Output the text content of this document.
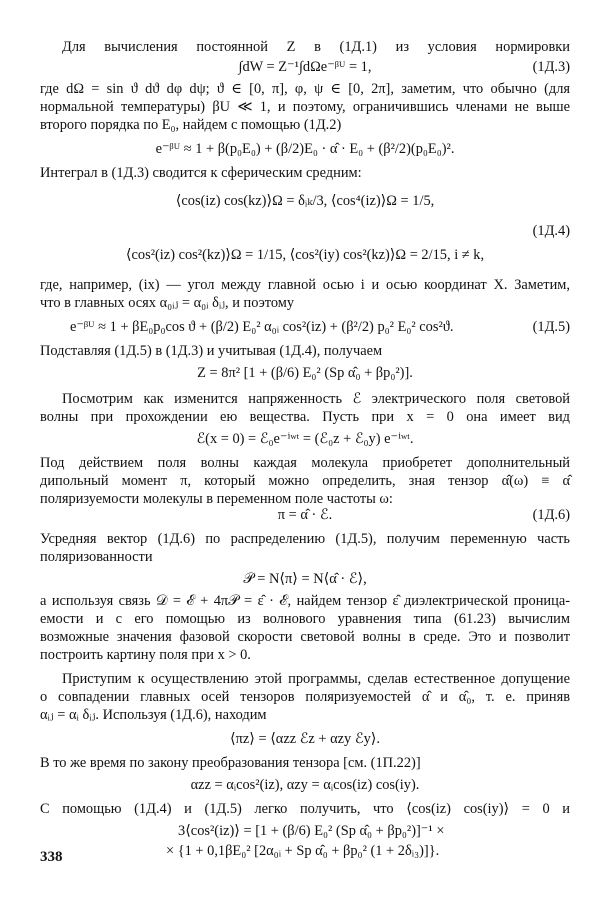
Для вычисления постоянной Z в (1Д.1) из условия нормировки
∫dW = Z⁻¹∫dΩe⁻ᵝᵁ = 1,	(1Д.3)
где dΩ = sin ϑ dϑ dφ dψ; ϑ ∈ [0, π], φ, ψ ∈ [0, 2π], заметим, что обычно (для
нормальной температуры) βU ≪ 1, и поэтому, ограничившись членами не выше
второго порядка по E₀, найдем с помощью (1Д.2)
e⁻ᵝᵁ ≈ 1 + β(p₀E₀) + (β/2)E₀ · α̂ · E₀ + (β²/2)(p₀E₀)².
Интеграл в (1Д.3) сводится к сферическим средним:
⟨cos(iz) cos(kz)⟩Ω = δᵢₖ/3, ⟨cos⁴(iz)⟩Ω = 1/5,
(1Д.4)
⟨cos²(iz) cos²(kz)⟩Ω = 1/15, ⟨cos²(iy) cos²(kz)⟩Ω = 2/15, i ≠ k,
где, например, (ix) — угол между главной осью i и осью координат X. Заметим,
что в главных осях α₀ᵢⱼ = α₀ᵢ δᵢⱼ, и поэтому
e⁻ᵝᵁ ≈ 1 + βE₀p₀cos ϑ + (β/2) E₀² α₀ᵢ cos²(iz) + (β²/2) p₀² E₀² cos²ϑ.	(1Д.5)
Подставляя (1Д.5) в (1Д.3) и учитывая (1Д.4), получаем
Z = 8π² [1 + (β/6) E₀² (Sp α̂₀ + βp₀²)].
Посмотрим как изменится напряженность ℰ электрического поля световой
волны при прохождении ею вещества. Пусть при x = 0 она имеет вид
ℰ(x = 0) = ℰ₀e⁻ⁱʷᵗ = (ℰ₀z + ℰ₀y) e⁻ⁱʷᵗ.
Под действием поля волны каждая молекула приобретет дополнительный
дипольный момент π, который можно определить, зная тензор α̂(ω) ≡ α̂
поляризуемости молекулы в переменном поле частоты ω:
π = α̂ · ℰ.	(1Д.6)
Усредняя вектор (1Д.6) по распределению (1Д.5), получим переменную часть
поляризованности
𝒫 = N⟨π⟩ = N⟨α̂ · ℰ⟩,
а используя связь 𝒟 = ℰ + 4π𝒫 = ε̂ · ℰ, найдем тензор ε̂ диэлектрической проница-
емости и с его помощью из волнового уравнения типа (61.23) вычислим
возможные значения фазовой скорости световой волны в среде. Это и позволит
построить картину поля при x > 0.
Приступим к осуществлению этой программы, сделав естественное допущение
о совпадении главных осей тензоров поляризуемостей α̂ и α̂₀, т. е. приняв
αᵢⱼ = αᵢ δᵢⱼ. Используя (1Д.6), находим
⟨πz⟩ = ⟨αzz ℰz + αzy ℰy⟩.
В то же время по закону преобразования тензора [см. (1П.22)]
αzz = αᵢcos²(iz), αzy = αᵢcos(iz) cos(iy).
С помощью (1Д.4) и (1Д.5) легко получить, что ⟨cos(iz) cos(iy)⟩ = 0 и
3⟨cos²(iz)⟩ = [1 + (β/6) E₀² (Sp α̂₀ + βp₀²)]⁻¹ ×
× {1 + 0,1βE₀² [2α₀ᵢ + Sp α̂₀ + βp₀² (1 + 2δᵢ₃)]}.
338
